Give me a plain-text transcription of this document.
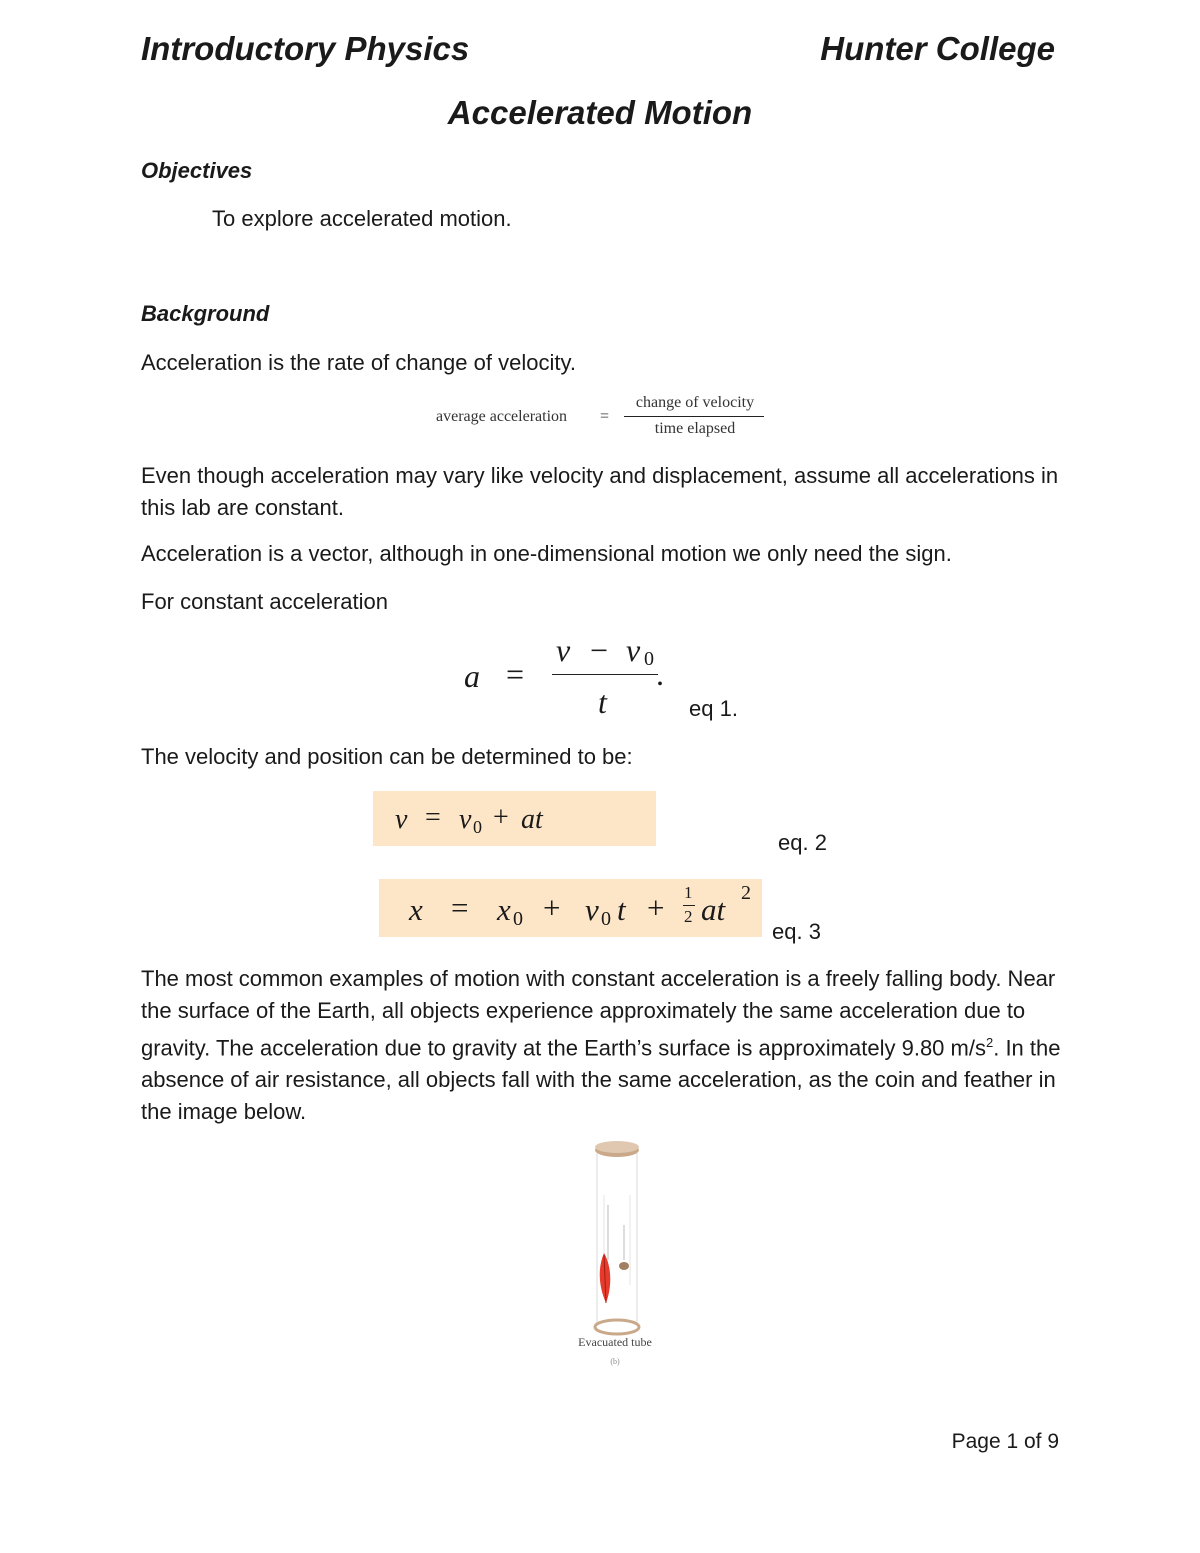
Introductory Physics	Hunter College
Accelerated Motion
Objectives
To explore accelerated motion.
Background
Acceleration is the rate of change of velocity.
average acceleration =
change of velocity
time elapsed
Even though acceleration may vary like velocity and displacement, assume all accelerations in this lab are constant.
Acceleration is a vector, although in one-dimensional motion we only need the sign.
For constant acceleration
a =
v − v 0 .
t	eq 1.
The velocity and position can be determined to be:
v = v 0 + at
eq. 2
x = x 0 + v 0 t + 1
2 at 2
eq. 3
The most common examples of motion with constant acceleration is a freely falling body. Near the surface of the Earth, all objects experience approximately the same acceleration due to gravity. The acceleration due to gravity at the Earth’s surface is approximately 9.80 $m/s^2$. In the absence of air resistance, all objects fall with the same acceleration, as the coin and feather in the image below.
Evacuated tube
(b)
Page 1 of 9
